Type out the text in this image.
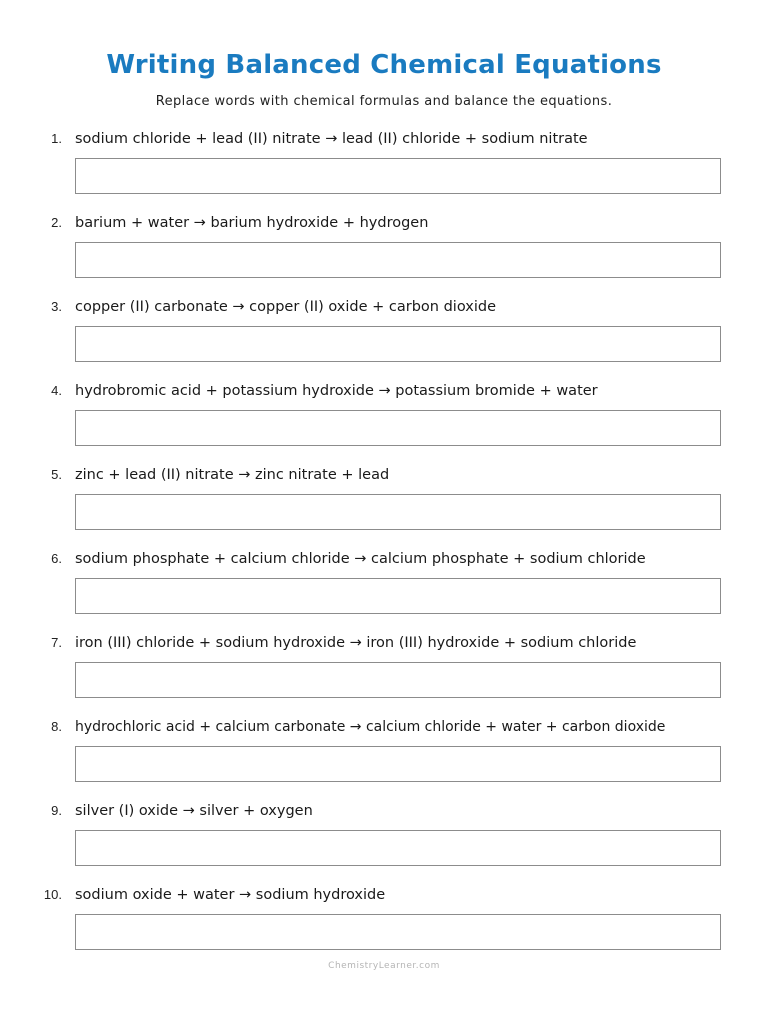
Writing Balanced Chemical Equations
Replace words with chemical formulas and balance the equations.
1. sodium chloride + lead (II) nitrate → lead (II) chloride + sodium nitrate
2. barium + water → barium hydroxide + hydrogen
3. copper (II) carbonate → copper (II) oxide + carbon dioxide
4. hydrobromic acid + potassium hydroxide → potassium bromide + water
5. zinc + lead (II) nitrate → zinc nitrate + lead
6. sodium phosphate + calcium chloride → calcium phosphate + sodium chloride
7. iron (III) chloride + sodium hydroxide → iron (III) hydroxide + sodium chloride
8. hydrochloric acid + calcium carbonate → calcium chloride + water + carbon dioxide
9. silver (I) oxide → silver + oxygen
10. sodium oxide + water → sodium hydroxide
ChemistryLearner.com
